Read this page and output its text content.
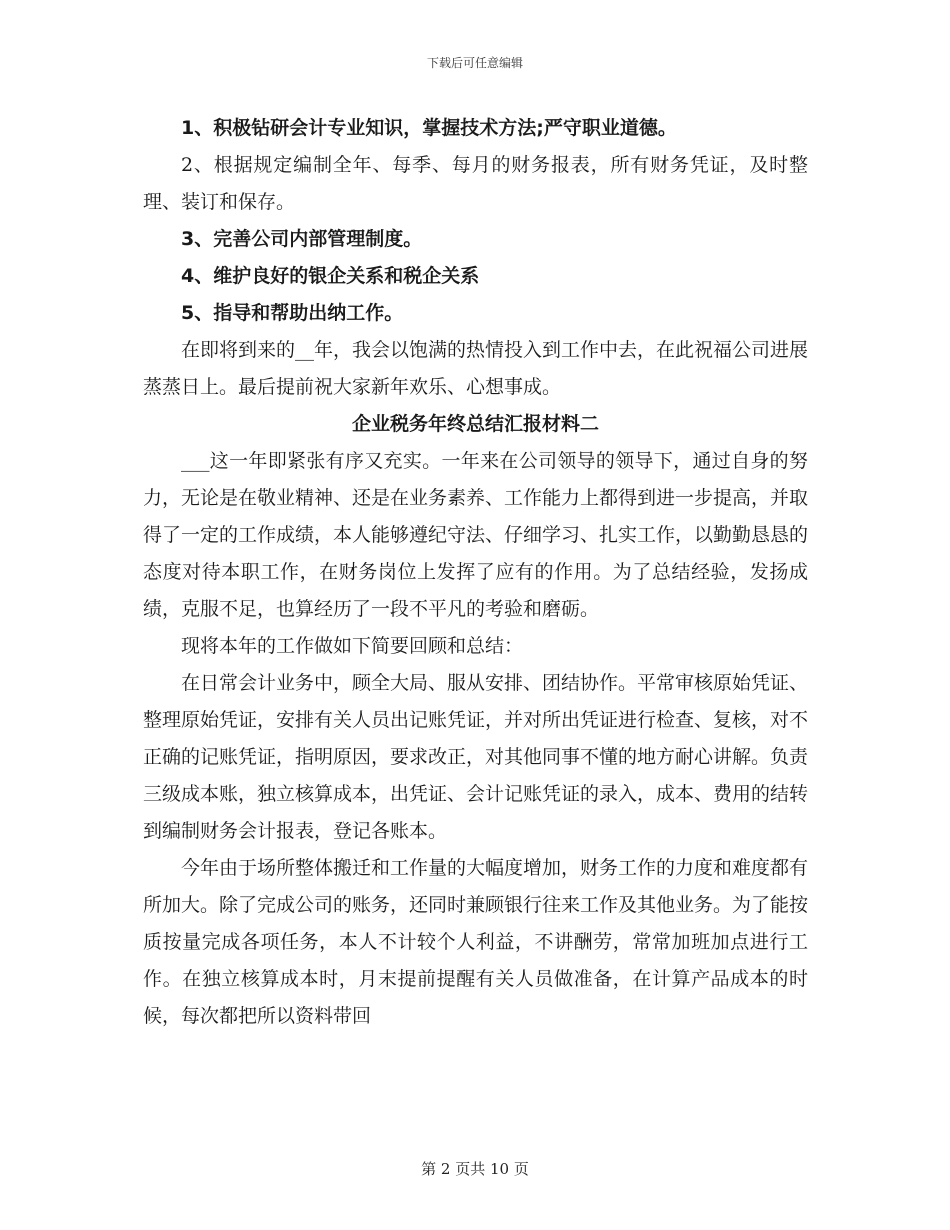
下载后可任意编辑

1、积极钻研会计专业知识，掌握技术方法;严守职业道德。

2、根据规定编制全年、每季、每月的财务报表，所有财务凭证，及时整理、装订和保存。

3、完善公司内部管理制度。

4、维护良好的银企关系和税企关系

5、指导和帮助出纳工作。

在即将到来的__年，我会以饱满的热情投入到工作中去，在此祝福公司进展蒸蒸日上。最后提前祝大家新年欢乐、心想事成。

企业税务年终总结汇报材料二

___这一年即紧张有序又充实。一年来在公司领导的领导下，通过自身的努力，无论是在敬业精神、还是在业务素养、工作能力上都得到进一步提高，并取得了一定的工作成绩，本人能够遵纪守法、仔细学习、扎实工作，以勤勤恳恳的态度对待本职工作，在财务岗位上发挥了应有的作用。为了总结经验，发扬成绩，克服不足，也算经历了一段不平凡的考验和磨砺。

现将本年的工作做如下简要回顾和总结：

在日常会计业务中，顾全大局、服从安排、团结协作。平常审核原始凭证、整理原始凭证，安排有关人员出记账凭证，并对所出凭证进行检查、复核，对不正确的记账凭证，指明原因，要求改正，对其他同事不懂的地方耐心讲解。负责三级成本账，独立核算成本，出凭证、会计记账凭证的录入，成本、费用的结转到编制财务会计报表，登记各账本。

今年由于场所整体搬迁和工作量的大幅度增加，财务工作的力度和难度都有所加大。除了完成公司的账务，还同时兼顾银行往来工作及其他业务。为了能按质按量完成各项任务，本人不计较个人利益，不讲酬劳，常常加班加点进行工作。在独立核算成本时，月末提前提醒有关人员做准备，在计算产品成本的时候，每次都把所以资料带回

第 2 页共 10 页
